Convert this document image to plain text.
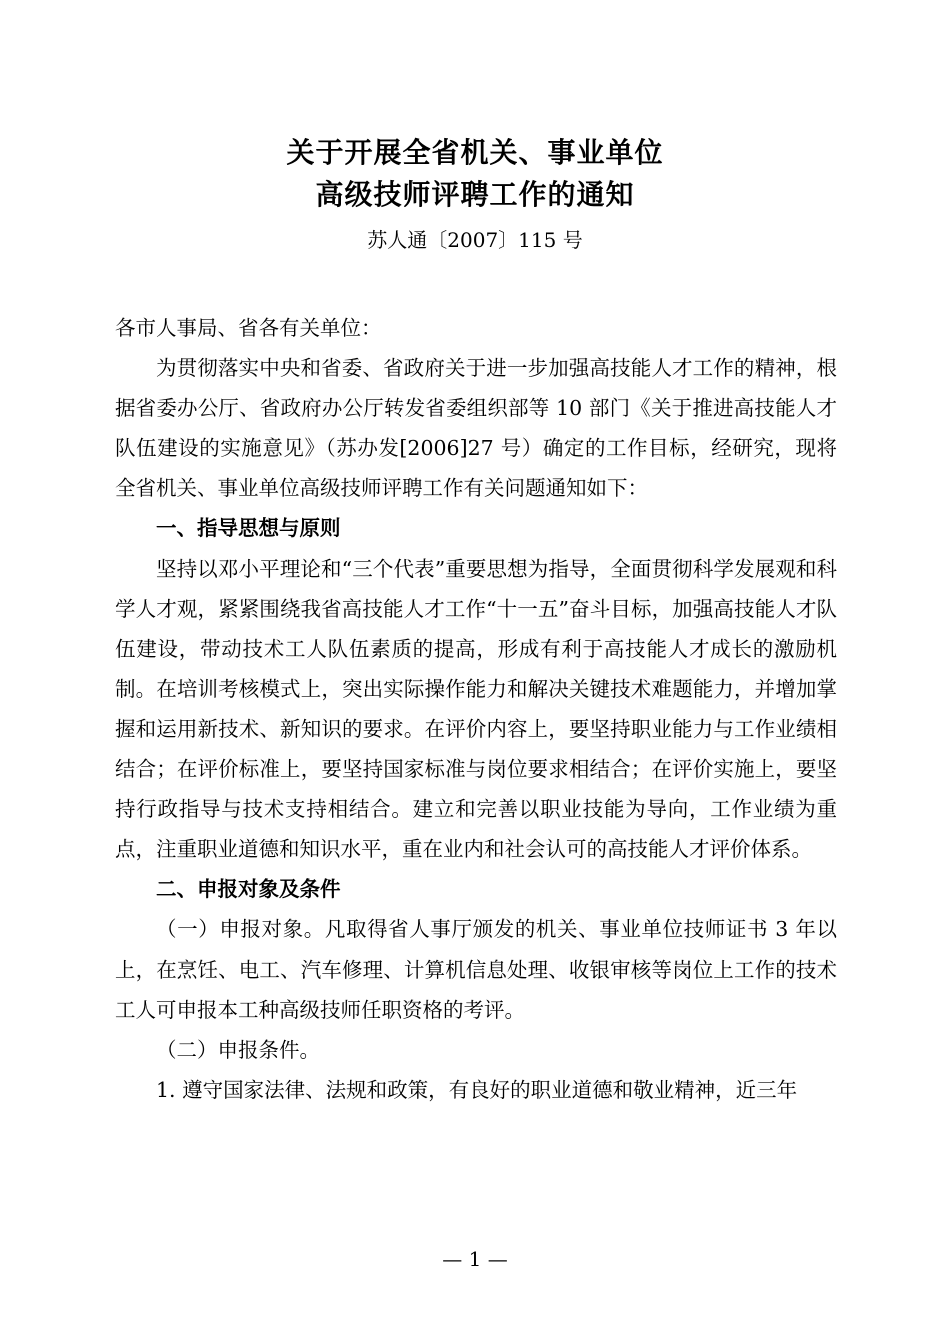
关于开展全省机关、事业单位
高级技师评聘工作的通知
苏人通〔2007〕115 号

各市人事局、省各有关单位：

为贯彻落实中央和省委、省政府关于进一步加强高技能人才工作的精神，根据省委办公厅、省政府办公厅转发省委组织部等 10 部门《关于推进高技能人才队伍建设的实施意见》（苏办发[2006]27 号）确定的工作目标，经研究，现将全省机关、事业单位高级技师评聘工作有关问题通知如下：

一、指导思想与原则

坚持以邓小平理论和“三个代表”重要思想为指导，全面贯彻科学发展观和科学人才观，紧紧围绕我省高技能人才工作“十一五”奋斗目标，加强高技能人才队伍建设，带动技术工人队伍素质的提高，形成有利于高技能人才成长的激励机制。在培训考核模式上，突出实际操作能力和解决关键技术难题能力，并增加掌握和运用新技术、新知识的要求。在评价内容上，要坚持职业能力与工作业绩相结合；在评价标准上，要坚持国家标准与岗位要求相结合；在评价实施上，要坚持行政指导与技术支持相结合。建立和完善以职业技能为导向，工作业绩为重点，注重职业道德和知识水平，重在业内和社会认可的高技能人才评价体系。

二、申报对象及条件

（一）申报对象。凡取得省人事厅颁发的机关、事业单位技师证书 3 年以上，在烹饪、电工、汽车修理、计算机信息处理、收银审核等岗位上工作的技术工人可申报本工种高级技师任职资格的考评。

（二）申报条件。

1. 遵守国家法律、法规和政策，有良好的职业道德和敬业精神，近三年

— 1 —
